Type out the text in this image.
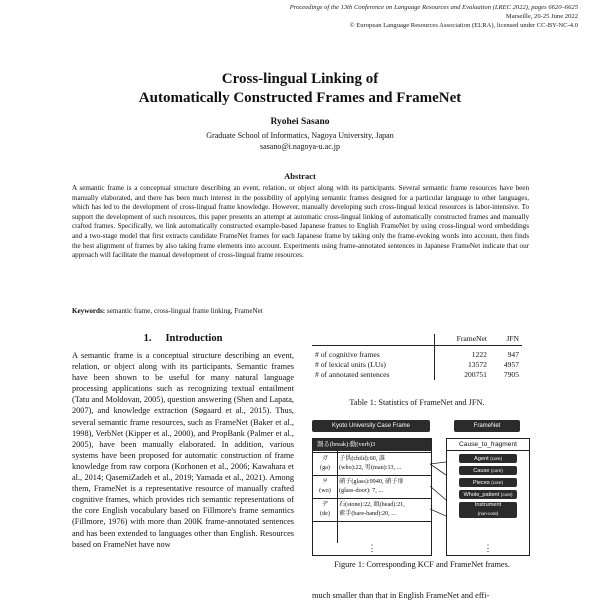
Proceedings of the 13th Conference on Language Resources and Evaluation (LREC 2022), pages 6620–6625
Marseille, 20-25 June 2022
© European Language Resources Association (ELRA), licensed under CC-BY-NC-4.0
Cross-lingual Linking of
Automatically Constructed Frames and FrameNet
Ryohei Sasano
Graduate School of Informatics, Nagoya University, Japan
sasano@i.nagoya-u.ac.jp
Abstract
A semantic frame is a conceptual structure describing an event, relation, or object along with its participants. Several semantic frame resources have been manually elaborated, and there has been much interest in the possibility of applying semantic frames designed for a particular language to other languages, which has led to the development of cross-lingual frame knowledge. However, manually developing such cross-lingual lexical resources is labor-intensive. To support the development of such resources, this paper presents an attempt at automatic cross-lingual linking of automatically constructed frames and manually crafted frames. Specifically, we link automatically constructed example-based Japanese frames to English FrameNet by using cross-lingual word embeddings and a two-stage model that first extracts candidate FrameNet frames for each Japanese frame by taking only the frame-evoking words into account, then finds the best alignment of frames by also taking frame elements into account. Experiments using frame-annotated sentences in Japanese FrameNet indicate that our approach will facilitate the manual development of cross-lingual frame resources.
Keywords: semantic frame, cross-lingual frame linking, FrameNet
1. Introduction

A semantic frame is a conceptual structure describing an event, relation, or object along with its participants. Semantic frames have been shown to be useful for many natural language processing applications such as recognizing textual entailment (Tatu and Moldovan, 2005), question answering (Shen and Lapata, 2007), and knowledge extraction (Søgaard et al., 2015). Thus, several semantic frame resources, such as FrameNet (Baker et al., 1998), VerbNet (Kipper et al., 2000), and PropBank (Palmer et al., 2005), have been manually elaborated. In addition, various systems have been proposed for automatic construction of frame knowledge from raw corpora (Korhonen et al., 2006; Kawahara et al., 2014; QasemiZadeh et al., 2019; Yamada et al., 2021). Among them, FrameNet is a representative resource of manually crafted cognitive frames, which provides rich semantic representations of the core English vocabulary based on Fillmore's frame semantics (Fillmore, 1976) with more than 200K frame-annotated sentences and has been extended to languages other than English. Resources based on FrameNet have now

	FrameNet	JFN
# of cognitive frames	1222	947
# of lexical units (LUs)	13572	4957
# of annotated sentences	200751	7905
Table 1: Statistics of FrameNet and JFN.
Kyoto University Case Frame	FrameNet
割る(break):動(verb)3
ガ
(ga)
子供(child):60, 誰
(who):22, 男(man):13, ...
ヲ
(wo)
硝子(glass):9940, 硝子扉
(glass-door): 7, ...
デ
(de)
石(stone):22, 頭(head):21,
素手(bare-hand):20, ...
⋮
Cause_to_fragment
Agent (core)
Cause (core)
Pieces (core)
Whole_patient (core)
Instrument
(non-core)
⋮
Figure 1: Corresponding KCF and FrameNet frames.
much smaller than that in English FrameNet and effi-
